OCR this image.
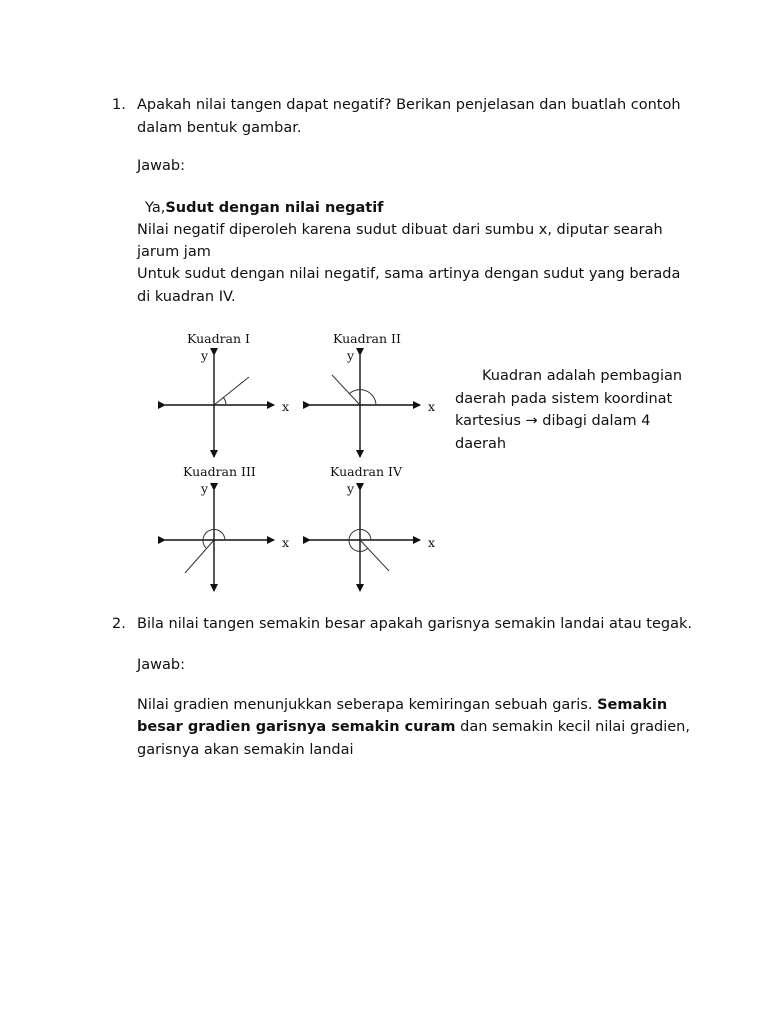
1. Apakah nilai tangen dapat negatif? Berikan penjelasan dan buatlah contoh
dalam bentuk gambar.
Jawab:
Ya,Sudut dengan nilai negatif
Nilai negatif diperoleh karena sudut dibuat dari sumbu x, diputar searah
jarum jam
Untuk sudut dengan nilai negatif, sama artinya dengan sudut yang berada
di kuadran IV.
Kuadran I
y
x
Kuadran II
y
x
Kuadran III
y
x
Kuadran IV
y
x
Kuadran adalah pembagian
daerah pada sistem koordinat
kartesius → dibagi dalam 4
daerah
2. Bila nilai tangen semakin besar apakah garisnya semakin landai atau tegak.
Jawab:
Nilai gradien menunjukkan seberapa kemiringan sebuah garis. Semakin
besar gradien garisnya semakin curam dan semakin kecil nilai gradien,
garisnya akan semakin landai
